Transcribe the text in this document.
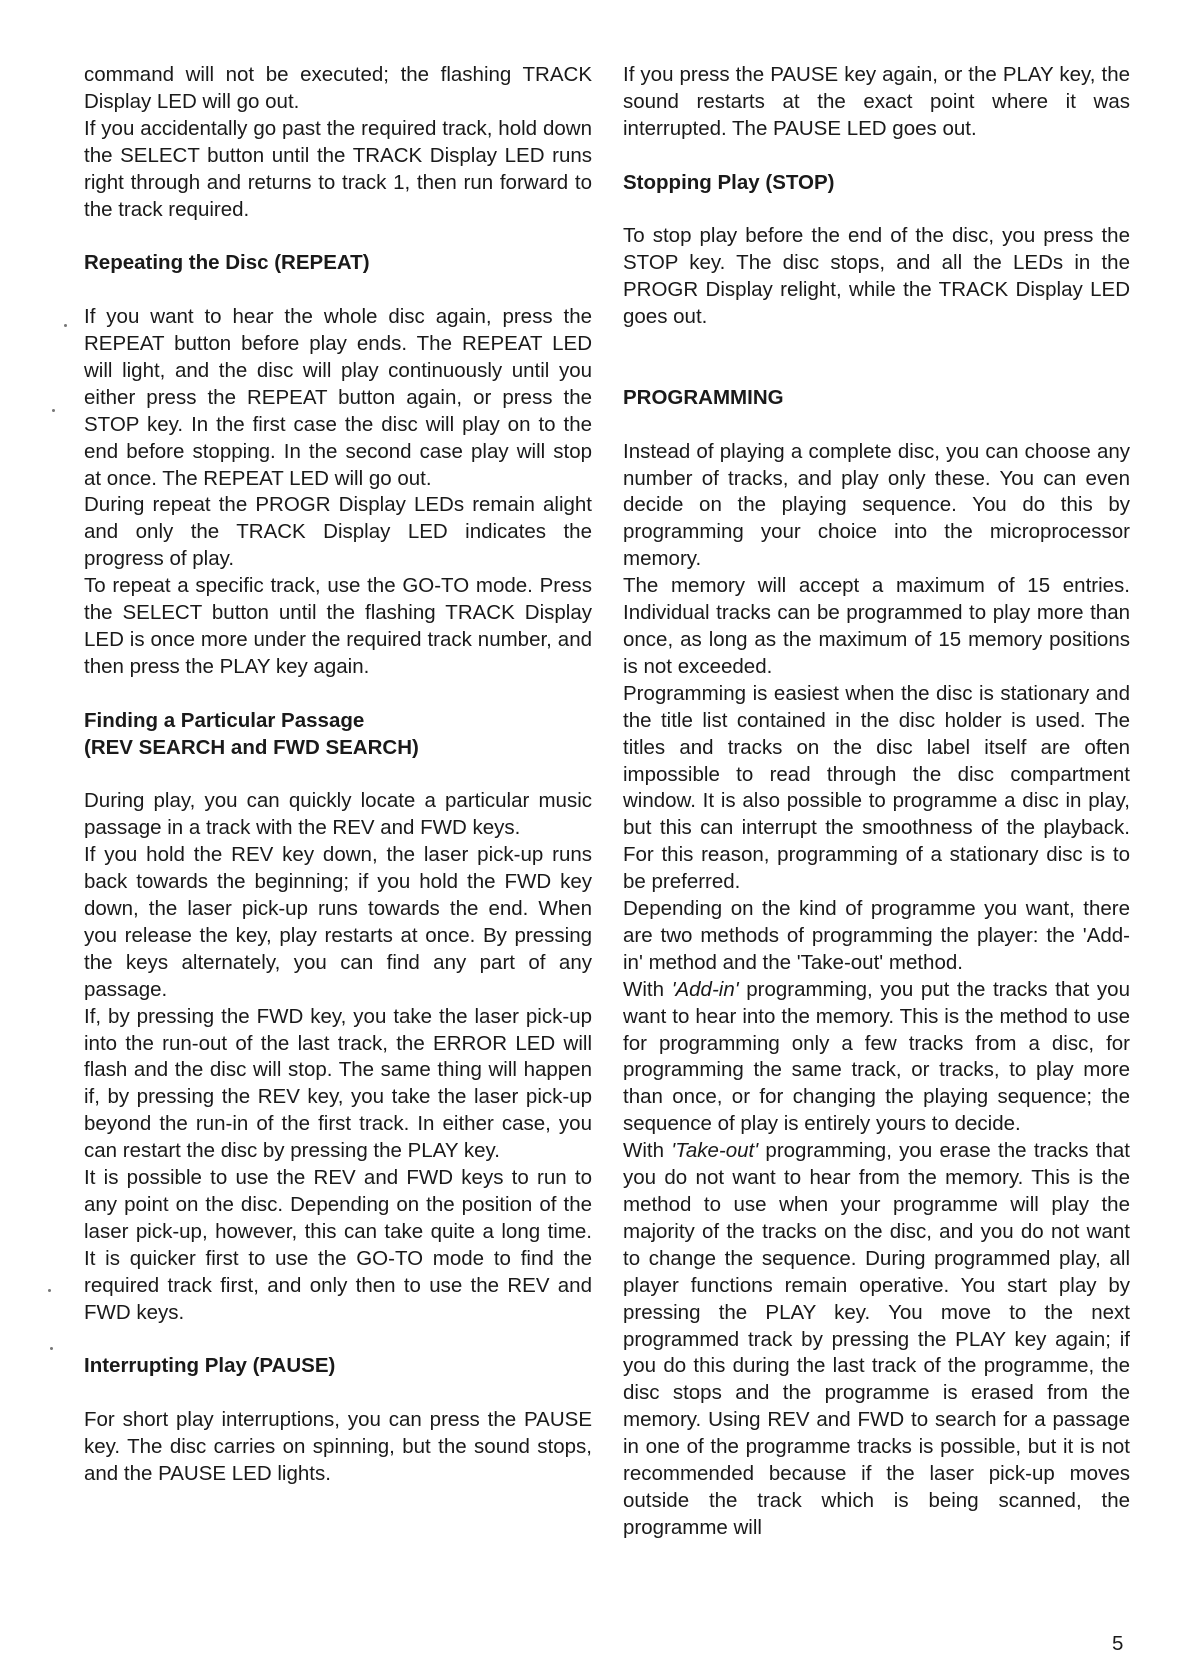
command will not be executed; the flashing TRACK Display LED will go out.

If you accidentally go past the required track, hold down the SELECT button until the TRACK Display LED runs right through and returns to track 1, then run forward to the track required.

Repeating the Disc (REPEAT)

If you want to hear the whole disc again, press the REPEAT button before play ends. The REPEAT LED will light, and the disc will play continuously until you either press the REPEAT button again, or press the STOP key. In the first case the disc will play on to the end before stopping. In the second case play will stop at once. The REPEAT LED will go out.

During repeat the PROGR Display LEDs remain alight and only the TRACK Display LED indicates the progress of play.

To repeat a specific track, use the GO-TO mode. Press the SELECT button until the flashing TRACK Display LED is once more under the required track number, and then press the PLAY key again.

Finding a Particular Passage
(REV SEARCH and FWD SEARCH)

During play, you can quickly locate a particular music passage in a track with the REV and FWD keys.

If you hold the REV key down, the laser pick-up runs back towards the beginning; if you hold the FWD key down, the laser pick-up runs towards the end. When you release the key, play restarts at once. By pressing the keys alternately, you can find any part of any passage.

If, by pressing the FWD key, you take the laser pick-up into the run-out of the last track, the ERROR LED will flash and the disc will stop. The same thing will happen if, by pressing the REV key, you take the laser pick-up beyond the run-in of the first track. In either case, you can restart the disc by pressing the PLAY key.

It is possible to use the REV and FWD keys to run to any point on the disc. Depending on the position of the laser pick-up, however, this can take quite a long time. It is quicker first to use the GO-TO mode to find the required track first, and only then to use the REV and FWD keys.

Interrupting Play (PAUSE)

For short play interruptions, you can press the PAUSE key. The disc carries on spinning, but the sound stops, and the PAUSE LED lights.

If you press the PAUSE key again, or the PLAY key, the sound restarts at the exact point where it was interrupted. The PAUSE LED goes out.

Stopping Play (STOP)

To stop play before the end of the disc, you press the STOP key. The disc stops, and all the LEDs in the PROGR Display relight, while the TRACK Display LED goes out.

PROGRAMMING

Instead of playing a complete disc, you can choose any number of tracks, and play only these. You can even decide on the playing sequence. You do this by programming your choice into the microprocessor memory.

The memory will accept a maximum of 15 entries. Individual tracks can be programmed to play more than once, as long as the maximum of 15 memory positions is not exceeded.

Programming is easiest when the disc is stationary and the title list contained in the disc holder is used. The titles and tracks on the disc label itself are often impossible to read through the disc compartment window. It is also possible to programme a disc in play, but this can interrupt the smoothness of the playback. For this reason, programming of a stationary disc is to be preferred.

Depending on the kind of programme you want, there are two methods of programming the player: the 'Add-in' method and the 'Take-out' method.

With 'Add-in' programming, you put the tracks that you want to hear into the memory. This is the method to use for programming only a few tracks from a disc, for programming the same track, or tracks, to play more than once, or for changing the playing sequence; the sequence of play is entirely yours to decide.

With 'Take-out' programming, you erase the tracks that you do not want to hear from the memory. This is the method to use when your programme will play the majority of the tracks on the disc, and you do not want to change the sequence. During programmed play, all player functions remain operative. You start play by pressing the PLAY key. You move to the next programmed track by pressing the PLAY key again; if you do this during the last track of the programme, the disc stops and the programme is erased from the memory. Using REV and FWD to search for a passage in one of the programme tracks is possible, but it is not recommended because if the laser pick-up moves outside the track which is being scanned, the programme will

5
